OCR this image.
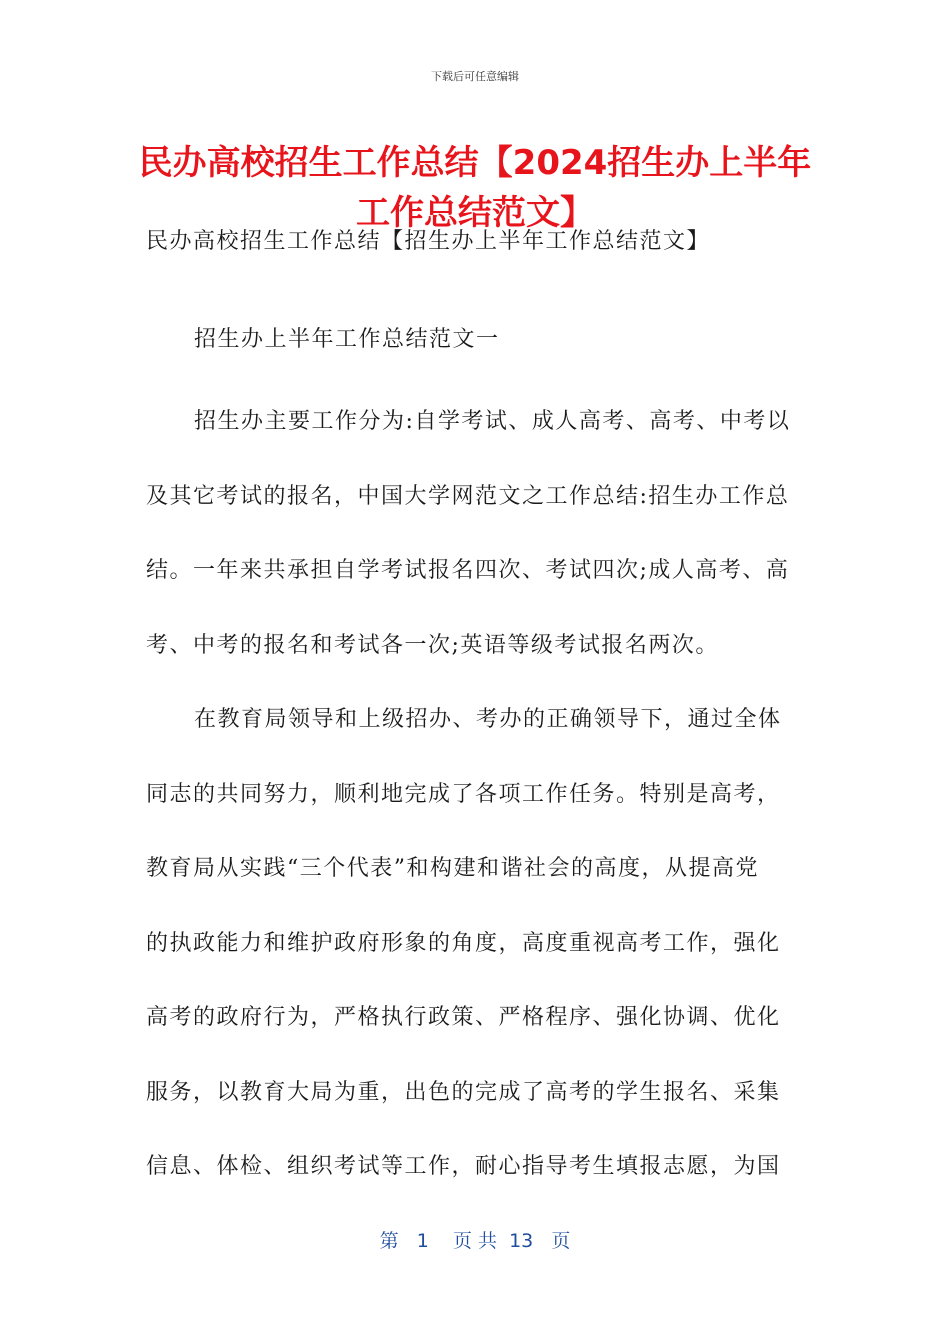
下载后可任意编辑
民办高校招生工作总结【2024招生办上半年
工作总结范文】

民办高校招生工作总结【招生办上半年工作总结范文】

招生办上半年工作总结范文一

招生办主要工作分为:自学考试、成人高考、高考、中考以
及其它考试的报名，中国大学网范文之工作总结:招生办工作总
结。一年来共承担自学考试报名四次、考试四次;成人高考、高
考、中考的报名和考试各一次;英语等级考试报名两次。
在教育局领导和上级招办、考办的正确领导下，通过全体
同志的共同努力，顺利地完成了各项工作任务。特别是高考，
教育局从实践“三个代表”和构建和谐社会的高度，从提高党
的执政能力和维护政府形象的角度，高度重视高考工作，强化
高考的政府行为，严格执行政策、严格程序、强化协调、优化
服务，以教育大局为重，出色的完成了高考的学生报名、采集
信息、体检、组织考试等工作，耐心指导考生填报志愿，为国
第   1    页 共  13   页
